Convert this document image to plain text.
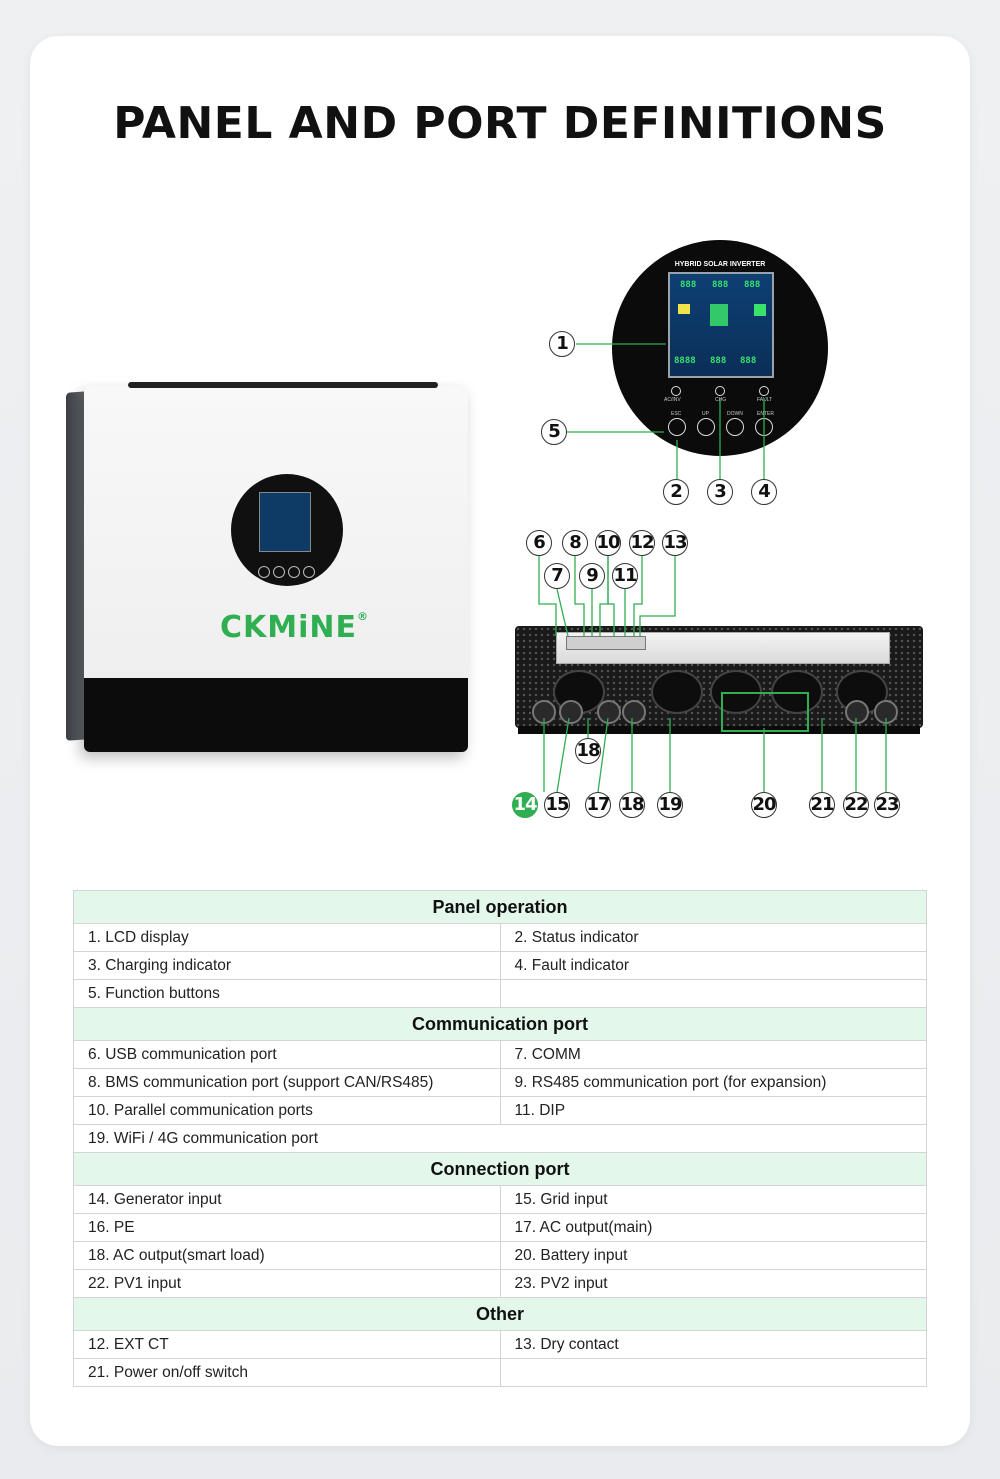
PANEL AND PORT DEFINITIONS
CKMiNE®
HYBRID SOLAR INVERTER
888 888 888
8888 888 888
AC/INV	CHG	FAULT
ESC	UP	DOWN	ENTER
1
2	3	4
5
6
7
8
9
10
11
12 13
18
14 15 17 18 19	20 21 22 23
Panel operation	
1. LCD display	2. Status indicator
3. Charging indicator	4. Fault indicator
5. Function buttons	
Communication port	
6. USB communication port	7. COMM
8. BMS communication port (support CAN/RS485)	9. RS485 communication port (for expansion)
10. Parallel communication ports	11. DIP
19. WiFi / 4G communication port	
Connection port	
14. Generator input	15. Grid input
16. PE	17. AC output(main)
18. AC output(smart load)	20. Battery input
22. PV1 input	23. PV2 input
Other	
12. EXT CT	13. Dry contact
21. Power on/off switch	
